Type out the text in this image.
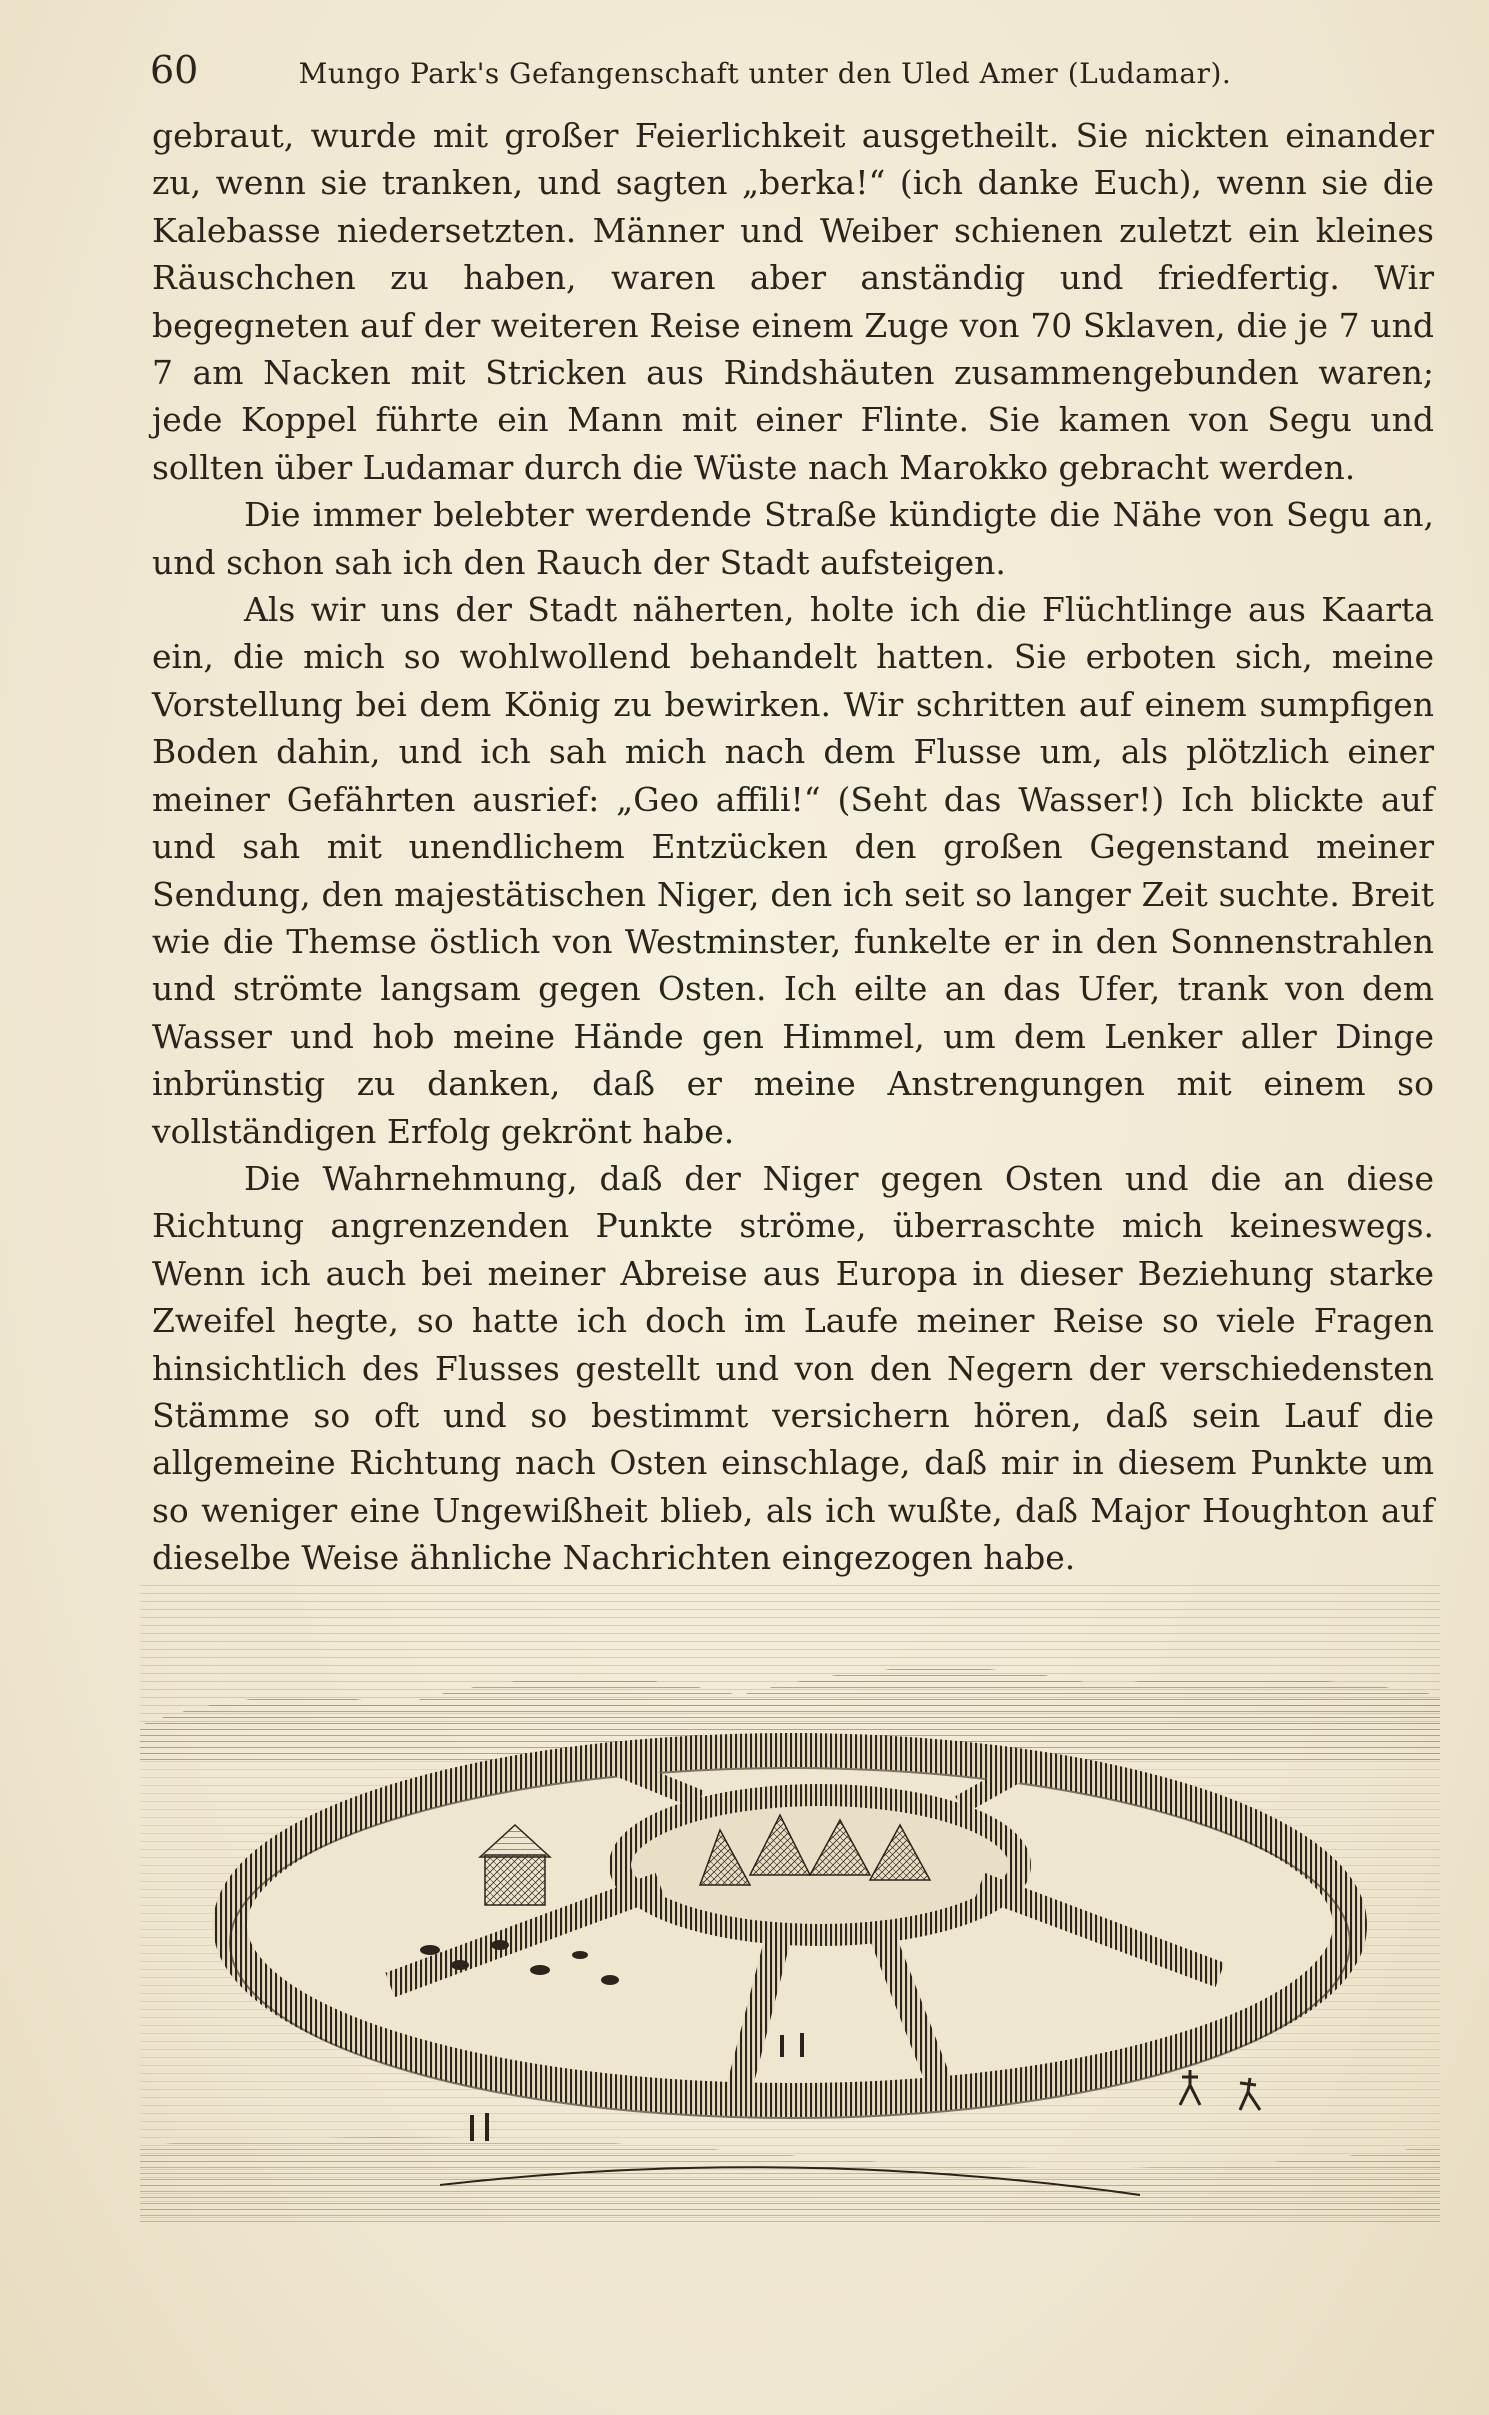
60	Mungo Park's Gefangenschaft unter den Uled Amer (Ludamar).

gebraut, wurde mit großer Feierlichkeit ausgetheilt. Sie nickten einander zu, wenn sie tranken, und sagten „berka!“ (ich danke Euch), wenn sie die Kalebasse niedersetzten. Männer und Weiber schienen zuletzt ein kleines Räuschchen zu haben, waren aber anständig und friedfertig. Wir begegneten auf der weiteren Reise einem Zuge von 70 Sklaven, die je 7 und 7 am Nacken mit Stricken aus Rindshäuten zusammengebunden waren; jede Koppel führte ein Mann mit einer Flinte. Sie kamen von Segu und sollten über Ludamar durch die Wüste nach Marokko gebracht werden.

Die immer belebter werdende Straße kündigte die Nähe von Segu an, und schon sah ich den Rauch der Stadt aufsteigen.

Als wir uns der Stadt näherten, holte ich die Flüchtlinge aus Kaarta ein, die mich so wohlwollend behandelt hatten. Sie erboten sich, meine Vorstellung bei dem König zu bewirken. Wir schritten auf einem sumpfigen Boden dahin, und ich sah mich nach dem Flusse um, als plötzlich einer meiner Gefährten ausrief: „Geo affili!“ (Seht das Wasser!) Ich blickte auf und sah mit unendlichem Entzücken den großen Gegenstand meiner Sendung, den majestätischen Niger, den ich seit so langer Zeit suchte. Breit wie die Themse östlich von Westminster, funkelte er in den Sonnenstrahlen und strömte langsam gegen Osten. Ich eilte an das Ufer, trank von dem Wasser und hob meine Hände gen Himmel, um dem Lenker aller Dinge inbrünstig zu danken, daß er meine Anstrengungen mit einem so vollständigen Erfolg gekrönt habe.

Die Wahrnehmung, daß der Niger gegen Osten und die an diese Richtung angrenzenden Punkte ströme, überraschte mich keineswegs. Wenn ich auch bei meiner Abreise aus Europa in dieser Beziehung starke Zweifel hegte, so hatte ich doch im Laufe meiner Reise so viele Fragen hinsichtlich des Flusses gestellt und von den Negern der verschiedensten Stämme so oft und so bestimmt versichern hören, daß sein Lauf die allgemeine Richtung nach Osten einschlage, daß mir in diesem Punkte um so weniger eine Ungewißheit blieb, als ich wußte, daß Major Houghton auf dieselbe Weise ähnliche Nachrichten eingezogen habe.
